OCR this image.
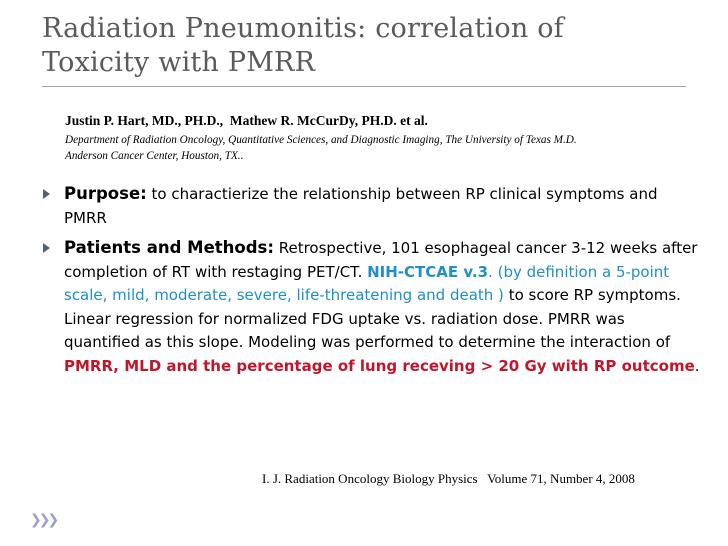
Radiation Pneumonitis: correlation of
Toxicity with PMRR
Justin P. Hart, MD., PH.D.,  Mathew R. McCurDy, PH.D. et al.
Department of Radiation Oncology, Quantitative Sciences, and Diagnostic Imaging, The University of Texas M.D.
Anderson Cancer Center, Houston, TX..
Purpose: to charactierize the relationship between RP clinical symptoms and PMRR
Patients and Methods: Retrospective, 101 esophageal cancer 3-12 weeks after completion of RT with restaging PET/CT. NIH-CTCAE v.3. (by definition a 5-point scale, mild, moderate, severe, life-threatening and death ) to score RP symptoms. Linear regression for normalized FDG uptake vs. radiation dose. PMRR was quantified as this slope. Modeling was performed to determine the interaction of PMRR, MLD and the percentage of lung receving > 20 Gy with RP outcome.
I. J. Radiation Oncology Biology Physics   Volume 71, Number 4, 2008
❯❯❯
